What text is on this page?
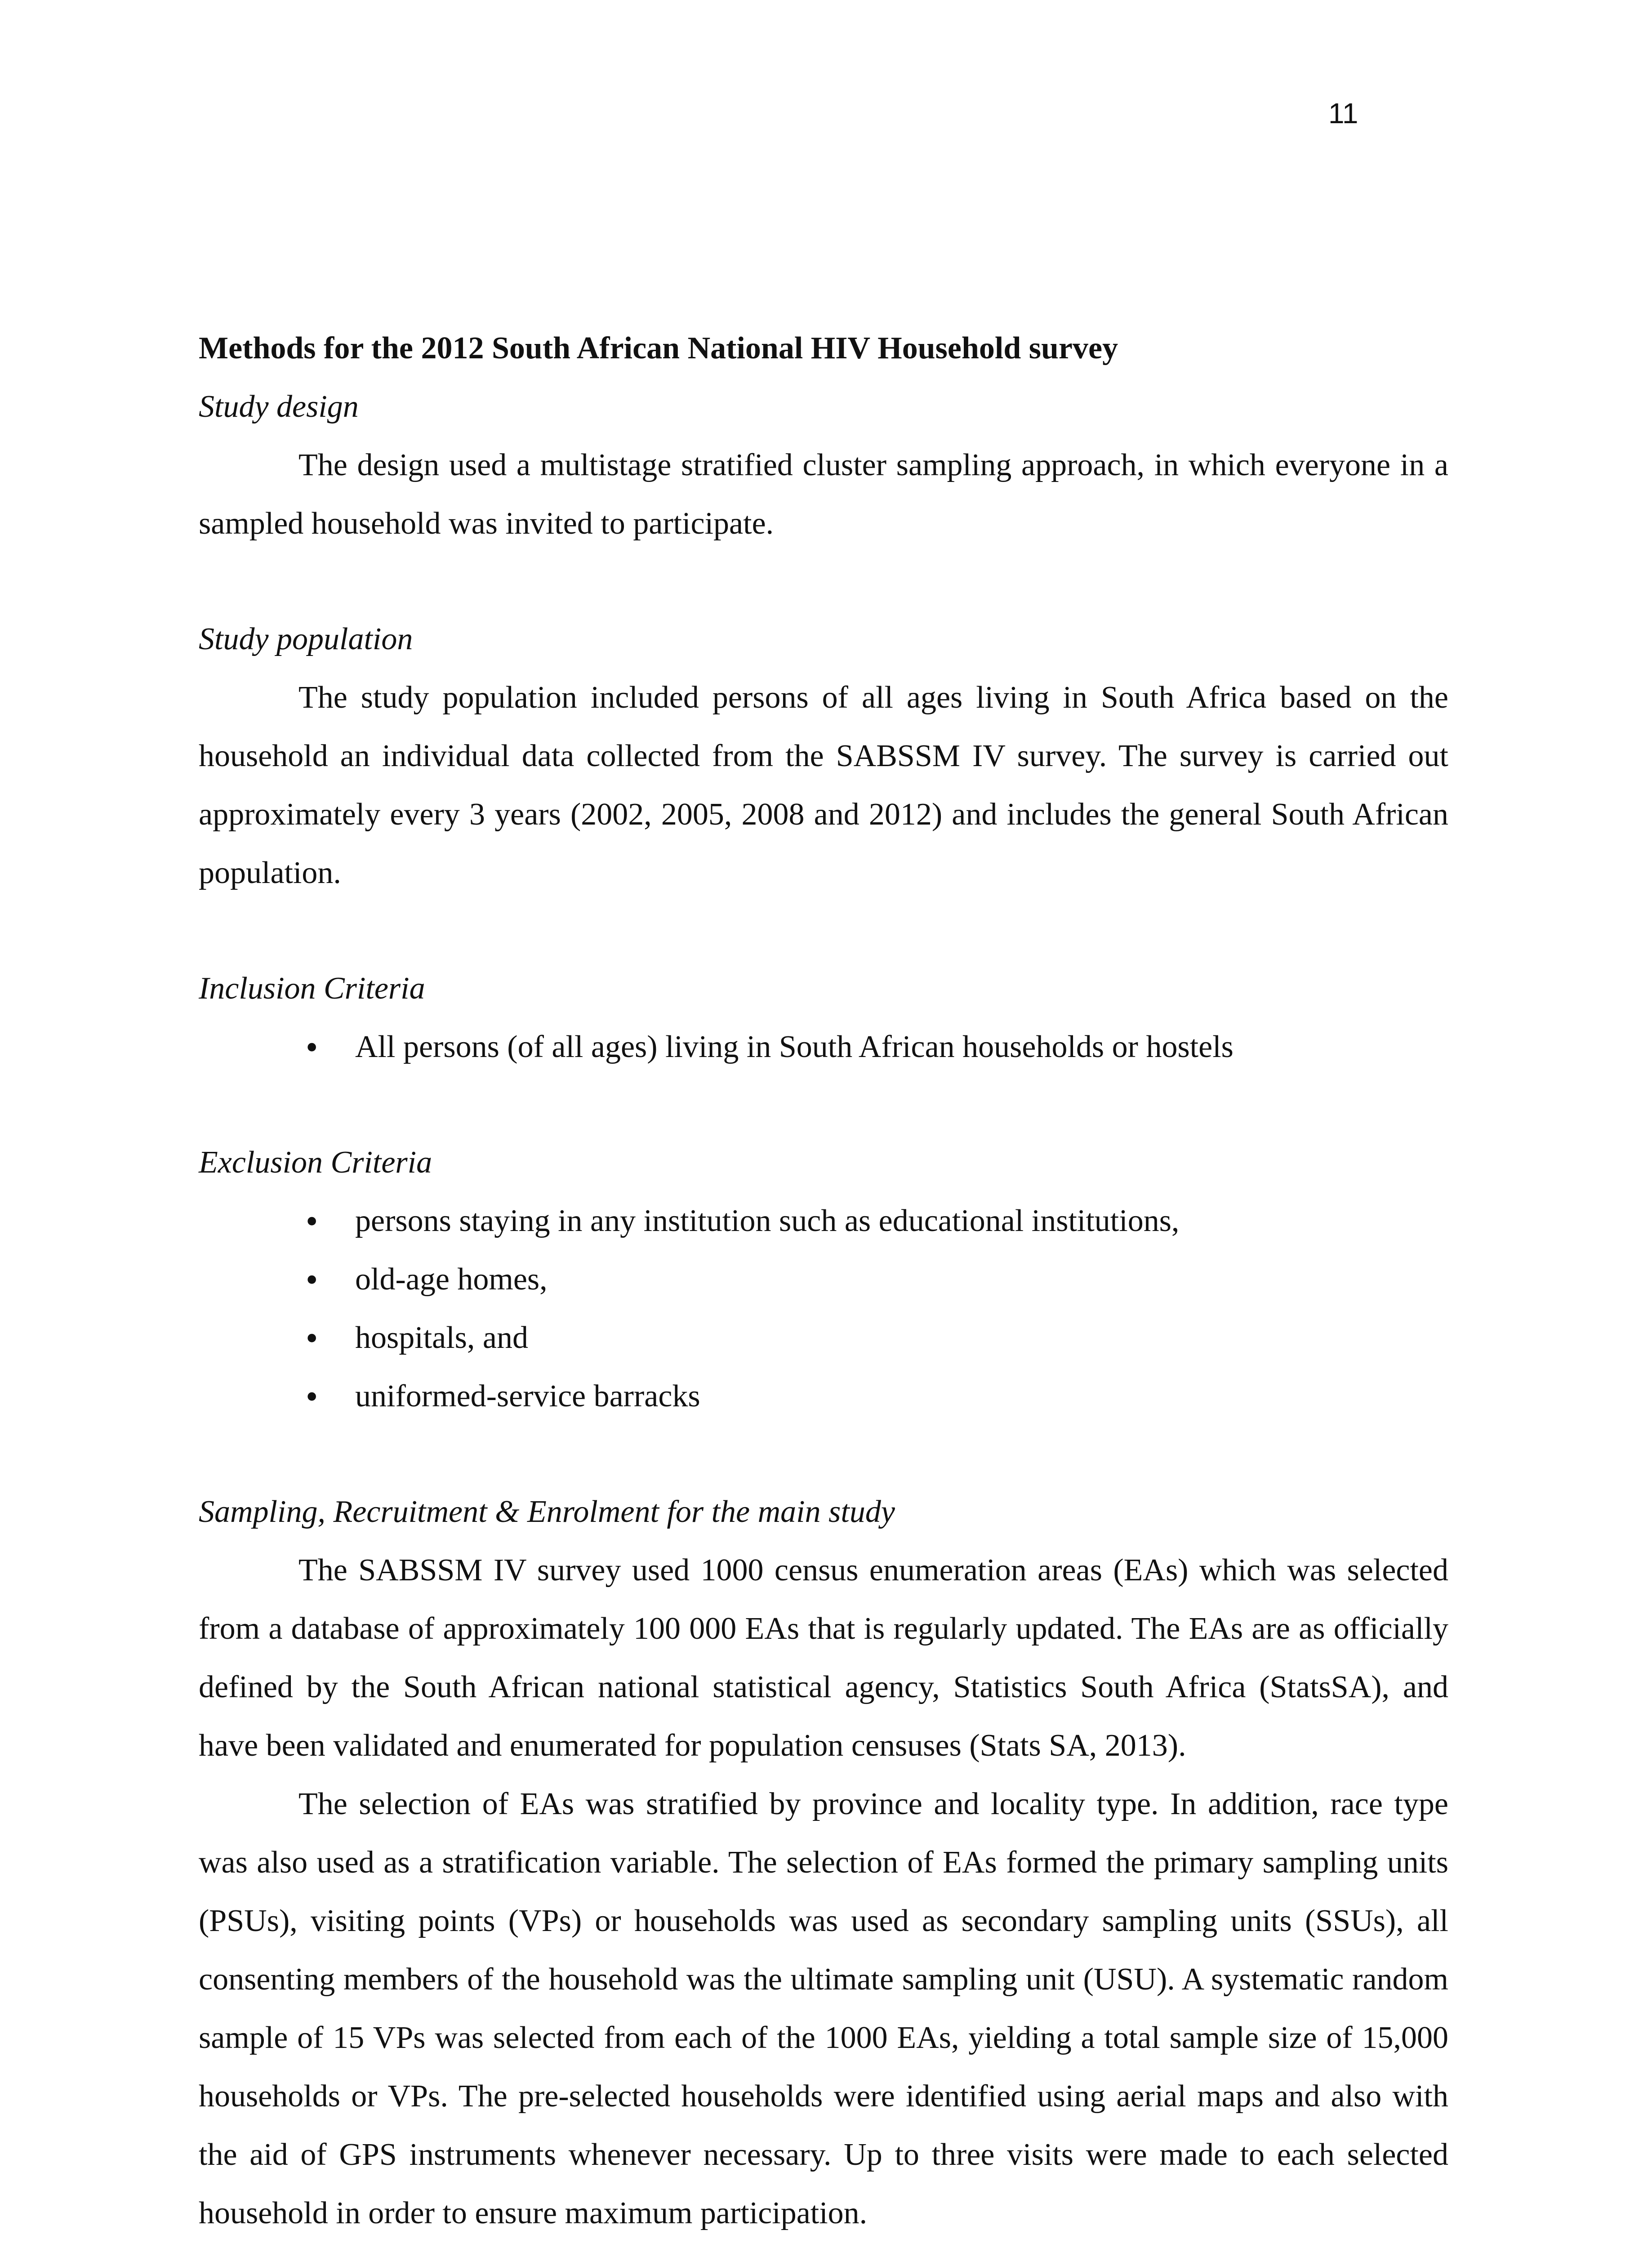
11

Methods for the 2012 South African National HIV Household survey

Study design

The design used a multistage stratified cluster sampling approach, in which everyone in a sampled household was invited to participate.

Study population

The study population included persons of all ages living in South Africa based on the household an individual data collected from the SABSSM IV survey. The survey is carried out approximately every 3 years (2002, 2005, 2008 and 2012) and includes the general South African population.

Inclusion Criteria

• All persons (of all ages) living in South African households or hostels

Exclusion Criteria

• persons staying in any institution such as educational institutions,
• old-age homes,
• hospitals, and
• uniformed-service barracks

Sampling, Recruitment & Enrolment for the main study

The SABSSM IV survey used 1000 census enumeration areas (EAs) which was selected from a database of approximately 100 000 EAs that is regularly updated. The EAs are as officially defined by the South African national statistical agency, Statistics South Africa (StatsSA), and have been validated and enumerated for population censuses (Stats SA, 2013).

The selection of EAs was stratified by province and locality type. In addition, race type was also used as a stratification variable. The selection of EAs formed the primary sampling units (PSUs), visiting points (VPs) or households was used as secondary sampling units (SSUs), all consenting members of the household was the ultimate sampling unit (USU). A systematic random sample of 15 VPs was selected from each of the 1000 EAs, yielding a total sample size of 15,000 households or VPs. The pre-selected households were identified using aerial maps and also with the aid of GPS instruments whenever necessary. Up to three visits were made to each selected household in order to ensure maximum participation.
